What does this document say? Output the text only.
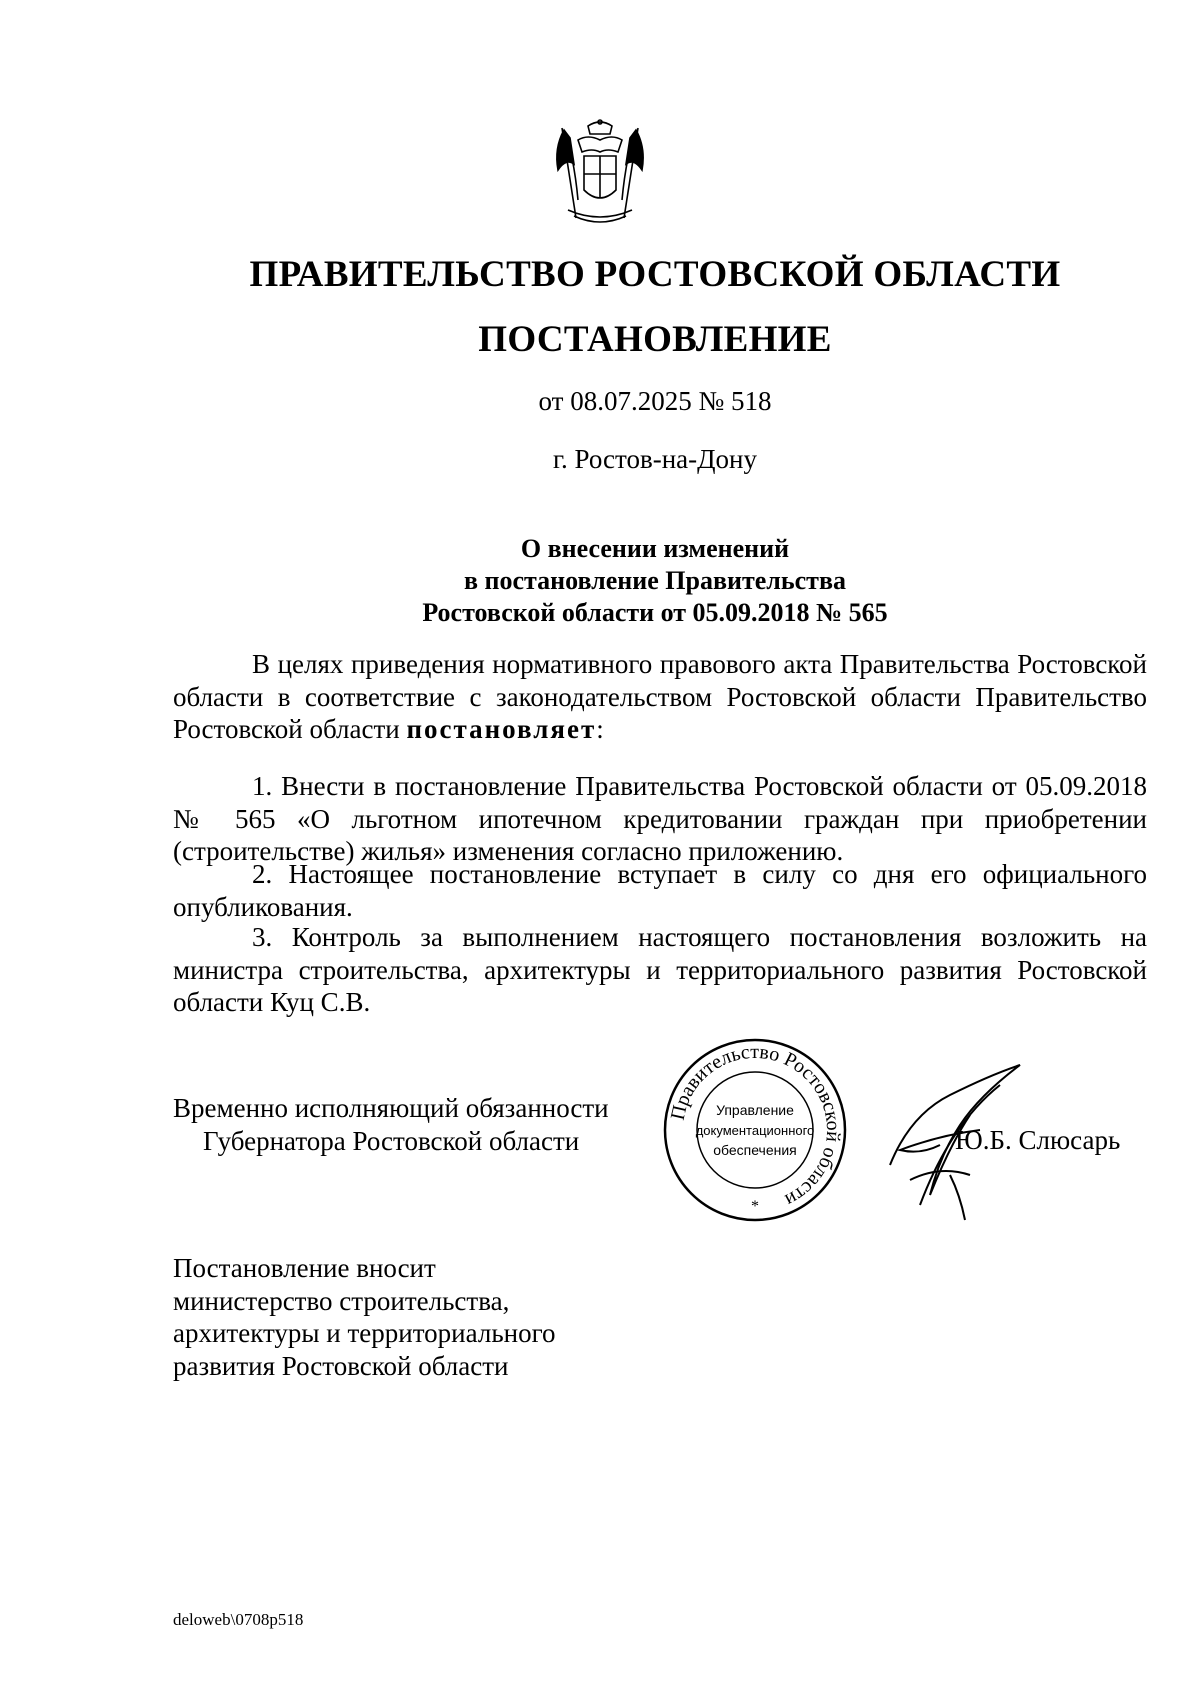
ПРАВИТЕЛЬСТВО РОСТОВСКОЙ ОБЛАСТИ
ПОСТАНОВЛЕНИЕ
от 08.07.2025 № 518
г. Ростов-на-Дону
О внесении изменений
в постановление Правительства
Ростовской области от 05.09.2018 № 565
В целях приведения нормативного правового акта Правительства Ростовской области в соответствие с законодательством Ростовской области Правительство Ростовской области постановляет:
1. Внести в постановление Правительства Ростовской области от 05.09.2018 № 565 «О льготном ипотечном кредитовании граждан при приобретении (строительстве) жилья» изменения согласно приложению.
2. Настоящее постановление вступает в силу со дня его официального опубликования.
3. Контроль за выполнением настоящего постановления возложить на министра строительства, архитектуры и территориального развития Ростовской области Куц С.В.
Временно исполняющий обязанности
Губернатора Ростовской области
Правительство Ростовской области
Управление
документационного
обеспечения
*
Ю.Б. Слюсарь
Постановление вносит
министерство строительства,
архитектуры и территориального
развития Ростовской области
deloweb\0708p518
